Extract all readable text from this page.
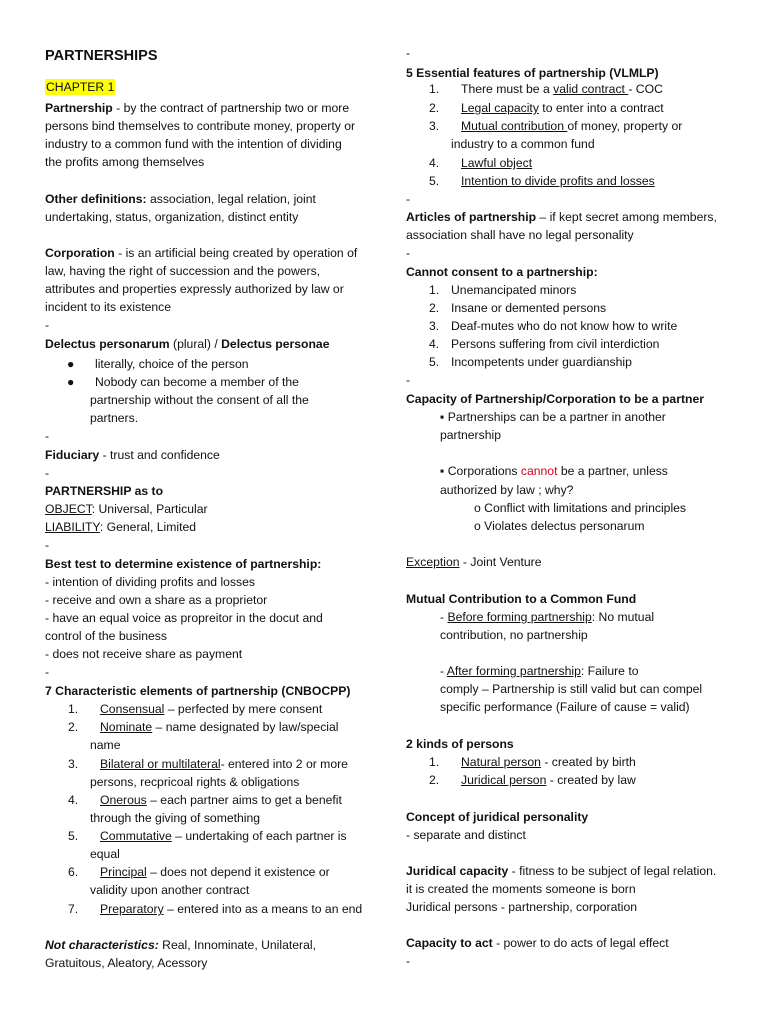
PARTNERSHIPS
CHAPTER 1
Partnership - by the contract of partnership two or more
persons bind themselves to contribute money, property or
industry to a common fund with the intention of dividing
the profits among themselves
Other definitions: association, legal relation, joint
undertaking, status, organization, distinct entity
Corporation - is an artificial being created by operation of
law, having the right of succession and the powers,
attributes and properties expressly authorized by law or
incident to its existence
-
Delectus personarum (plural) / Delectus personae
● literally, choice of the person
● Nobody can become a member of the
partnership without the consent of all the
partners.
-
Fiduciary - trust and confidence
-
PARTNERSHIP as to
OBJECT: Universal, Particular
LIABILITY: General, Limited
-
Best test to determine existence of partnership:
- intention of dividing profits and losses
- receive and own a share as a proprietor
- have an equal voice as propreitor in the docut and
control of the business
- does not receive share as payment
-
7 Characteristic elements of partnership (CNBOCPP)
1. Consensual – perfected by mere consent
2. Nominate – name designated by law/special
name
3. Bilateral or multilateral- entered into 2 or more
persons, recpricoal rights & obligations
4. Onerous – each partner aims to get a benefit
through the giving of something
5. Commutative – undertaking of each partner is
equal
6. Principal – does not depend it existence or
validity upon another contract
7. Preparatory – entered into as a means to an end
Not characteristics: Real, Innominate, Unilateral,
Gratuitous, Aleatory, Acessory
-
5 Essential features of partnership (VLMLP)
1. There must be a valid contract - COC
2. Legal capacity to enter into a contract
3. Mutual contribution of money, property or
industry to a common fund
4. Lawful object
5. Intention to divide profits and losses
-
Articles of partnership – if kept secret among members,
association shall have no legal personality
-
Cannot consent to a partnership:
1. Unemancipated minors
2. Insane or demented persons
3. Deaf-mutes who do not know how to write
4. Persons suffering from civil interdiction
5. Incompetents under guardianship
-
Capacity of Partnership/Corporation to be a partner
▪ Partnerships can be a partner in another
partnership
▪ Corporations cannot be a partner, unless
authorized by law ; why?
o Conflict with limitations and principles
o Violates delectus personarum
Exception - Joint Venture
Mutual Contribution to a Common Fund
- Before forming partnership: No mutual
contribution, no partnership
- After forming partnership: Failure to
comply – Partnership is still valid but can compel
specific performance (Failure of cause = valid)
2 kinds of persons
1. Natural person - created by birth
2. Juridical person - created by law
Concept of juridical personality
- separate and distinct
Juridical capacity - fitness to be subject of legal relation.
it is created the moments someone is born
Juridical persons - partnership, corporation
Capacity to act - power to do acts of legal effect
-
